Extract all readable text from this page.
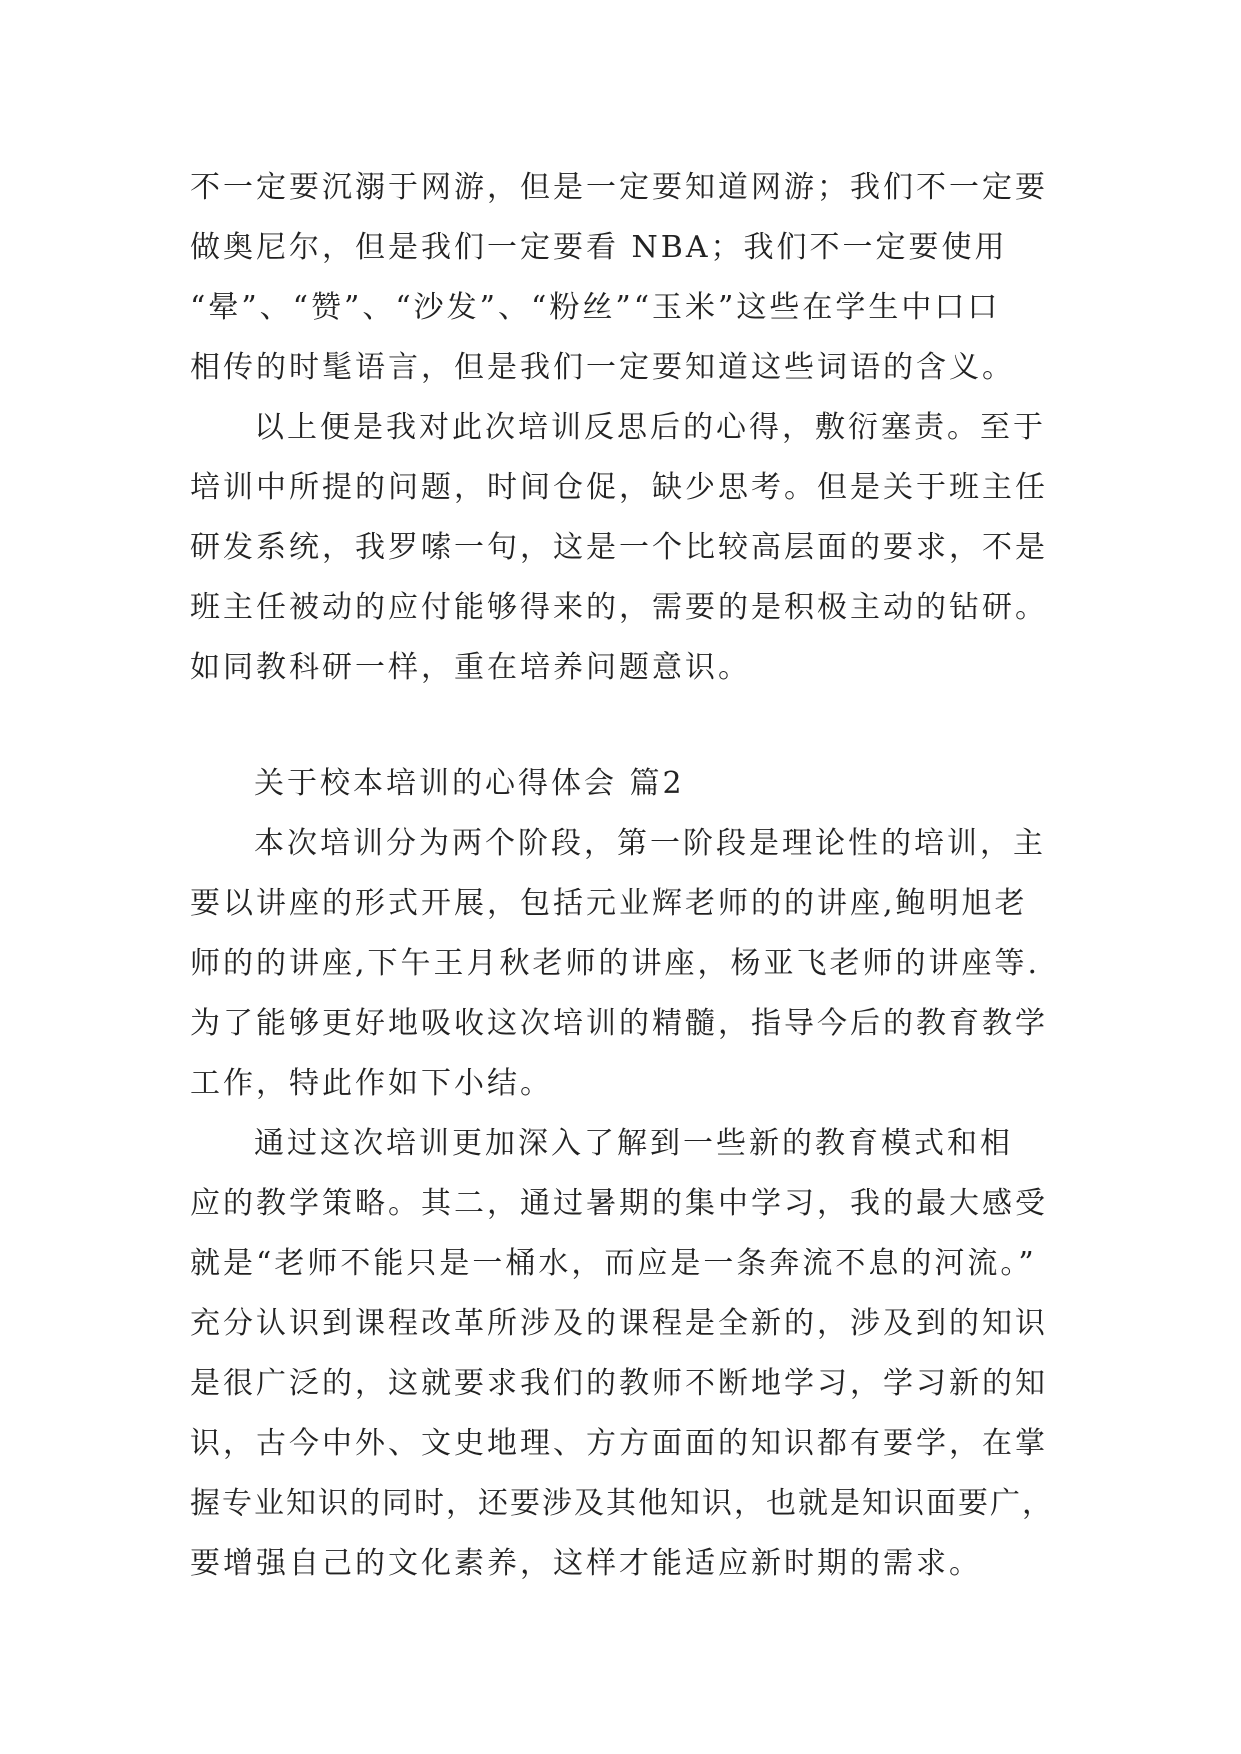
不一定要沉溺于网游，但是一定要知道网游；我们不一定要
做奥尼尔，但是我们一定要看 NBA；我们不一定要使用
“晕”、“赞”、“沙发”、“粉丝”“玉米”这些在学生中口口
相传的时髦语言，但是我们一定要知道这些词语的含义。
以上便是我对此次培训反思后的心得，敷衍塞责。至于
培训中所提的问题，时间仓促，缺少思考。但是关于班主任
研发系统，我罗嗦一句，这是一个比较高层面的要求，不是
班主任被动的应付能够得来的，需要的是积极主动的钻研。
如同教科研一样，重在培养问题意识。
关于校本培训的心得体会 篇2
本次培训分为两个阶段，第一阶段是理论性的培训，主
要以讲座的形式开展，包括元业辉老师的的讲座,鲍明旭老
师的的讲座,下午王月秋老师的讲座，杨亚飞老师的讲座等.
为了能够更好地吸收这次培训的精髓，指导今后的教育教学
工作，特此作如下小结。
通过这次培训更加深入了解到一些新的教育模式和相
应的教学策略。其二，通过暑期的集中学习，我的最大感受
就是“老师不能只是一桶水，而应是一条奔流不息的河流。”
充分认识到课程改革所涉及的课程是全新的，涉及到的知识
是很广泛的，这就要求我们的教师不断地学习，学习新的知
识，古今中外、文史地理、方方面面的知识都有要学，在掌
握专业知识的同时，还要涉及其他知识，也就是知识面要广，
要增强自己的文化素养，这样才能适应新时期的需求。
